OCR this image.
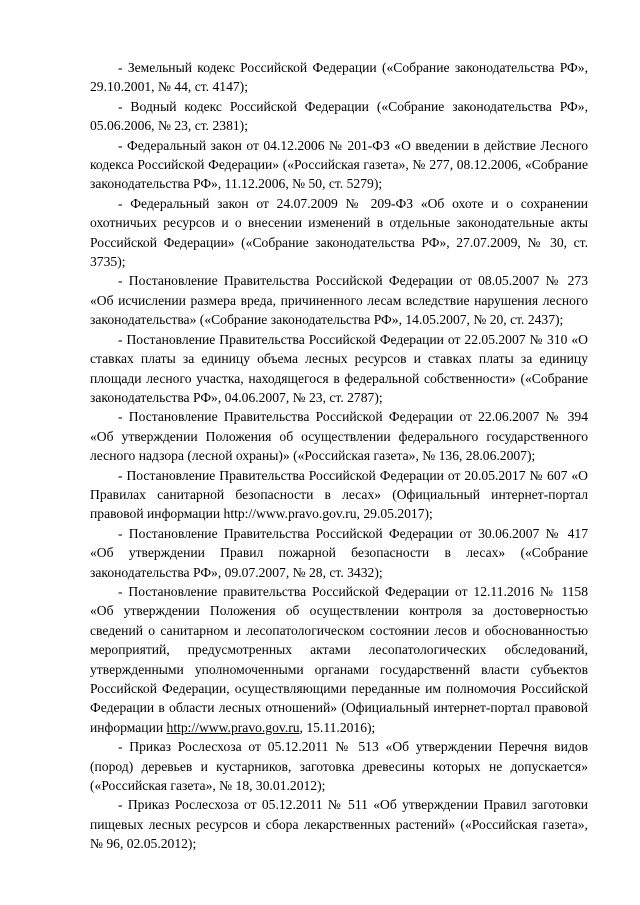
- Земельный кодекс Российской Федерации («Собрание законодательства РФ», 29.10.2001, № 44, ст. 4147);

- Водный кодекс Российской Федерации («Собрание законодательства РФ», 05.06.2006, № 23, ст. 2381);

- Федеральный закон от 04.12.2006 № 201-ФЗ «О введении в действие Лесного кодекса Российской Федерации» («Российская газета», № 277, 08.12.2006, «Собрание законодательства РФ», 11.12.2006, № 50, ст. 5279);

- Федеральный закон от 24.07.2009 № 209-ФЗ «Об охоте и о сохранении охотничьих ресурсов и о внесении изменений в отдельные законодательные акты Российской Федерации» («Собрание законодательства РФ», 27.07.2009, № 30, ст. 3735);

- Постановление Правительства Российской Федерации от 08.05.2007 № 273 «Об исчислении размера вреда, причиненного лесам вследствие нарушения лесного законодательства» («Собрание законодательства РФ», 14.05.2007, № 20, ст. 2437);

- Постановление Правительства Российской Федерации от 22.05.2007 № 310 «О ставках платы за единицу объема лесных ресурсов и ставках платы за единицу площади лесного участка, находящегося в федеральной собственности» («Собрание законодательства РФ», 04.06.2007, № 23, ст. 2787);

- Постановление Правительства Российской Федерации от 22.06.2007 № 394 «Об утверждении Положения об осуществлении федерального государственного лесного надзора (лесной охраны)» («Российская газета», № 136, 28.06.2007);

- Постановление Правительства Российской Федерации от 20.05.2017 № 607 «О Правилах санитарной безопасности в лесах» (Официальный интернет-портал правовой информации http://www.pravo.gov.ru, 29.05.2017);

- Постановление Правительства Российской Федерации от 30.06.2007 № 417 «Об утверждении Правил пожарной безопасности в лесах» («Собрание законодательства РФ», 09.07.2007, № 28, ст. 3432);

- Постановление правительства Российской Федерации от 12.11.2016 № 1158 «Об утверждении Положения об осуществлении контроля за достоверностью сведений о санитарном и лесопатологическом состоянии лесов и обоснованностью мероприятий, предусмотренных актами лесопатологических обследований, утвержденными уполномоченными органами государственнй власти субъектов Российской Федерации, осуществляющими переданные им полномочия Российской Федерации в области лесных отношений» (Официальный интернет-портал правовой информации http://www.pravo.gov.ru, 15.11.2016);

- Приказ Рослесхоза от 05.12.2011 № 513 «Об утверждении Перечня видов (пород) деревьев и кустарников, заготовка древесины которых не допускается» («Российская газета», № 18, 30.01.2012);

- Приказ Рослесхоза от 05.12.2011 № 511 «Об утверждении Правил заготовки пищевых лесных ресурсов и сбора лекарственных растений» («Российская газета», № 96, 02.05.2012);
